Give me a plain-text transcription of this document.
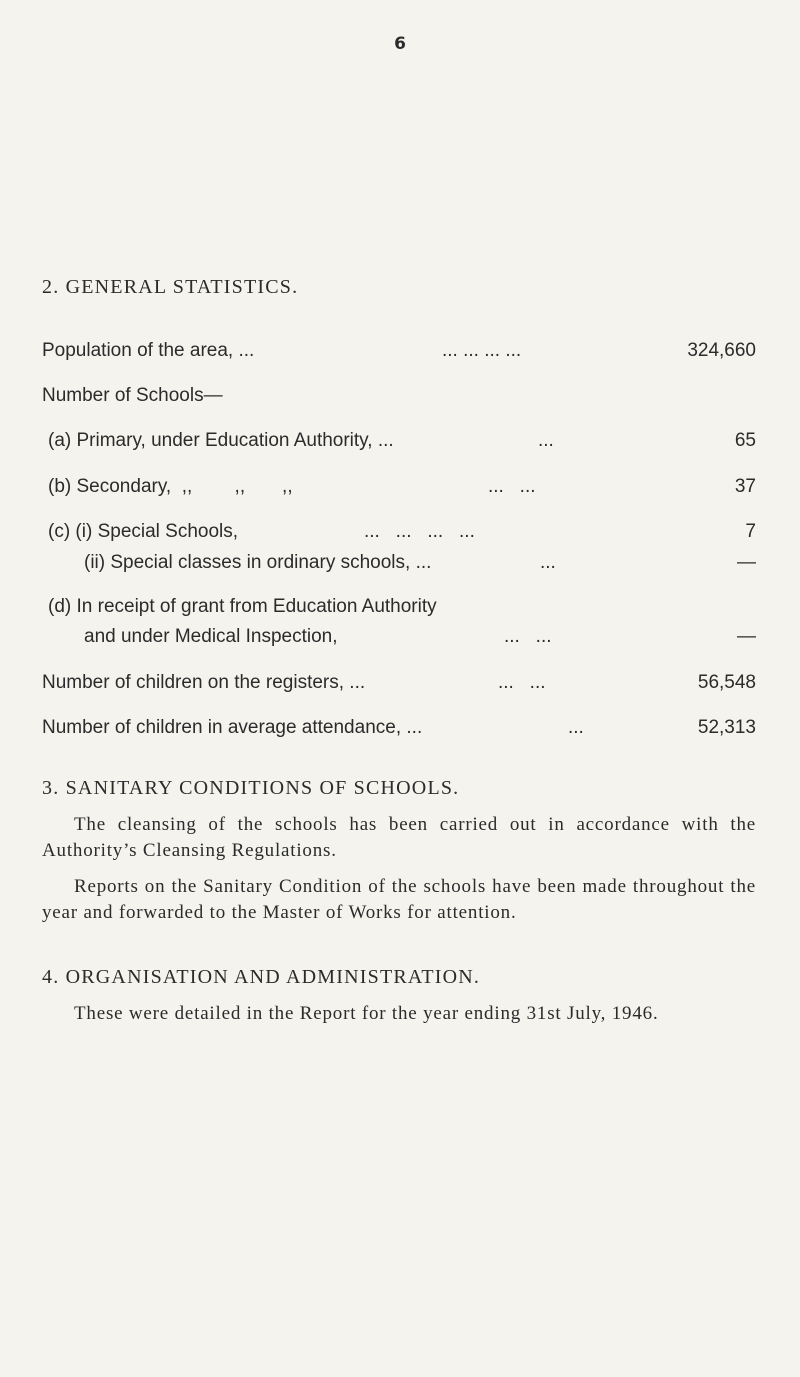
6
2. GENERAL STATISTICS.
Population of the area, ...	... ... ... ...	324,660
Number of Schools—
(a) Primary, under Education Authority, ...	...	65
(b) Secondary,  ,,        ,,       ,,	...   ...	37
(c) (i) Special Schools,	...   ...   ...   ...	7
(ii) Special classes in ordinary schools, ...	...	—
(d) In receipt of grant from Education Authority
and under Medical Inspection,	...   ...	—
Number of children on the registers, ...	...   ...	56,548
Number of children in average attendance, ...	...	52,313
3. SANITARY CONDITIONS OF SCHOOLS.
The cleansing of the schools has been carried out in accordance with the Authority’s Cleansing Regulations.
Reports on the Sanitary Condition of the schools have been made throughout the year and forwarded to the Master of Works for attention.
4. ORGANISATION AND ADMINISTRATION.
These were detailed in the Report for the year ending 31st July, 1946.
